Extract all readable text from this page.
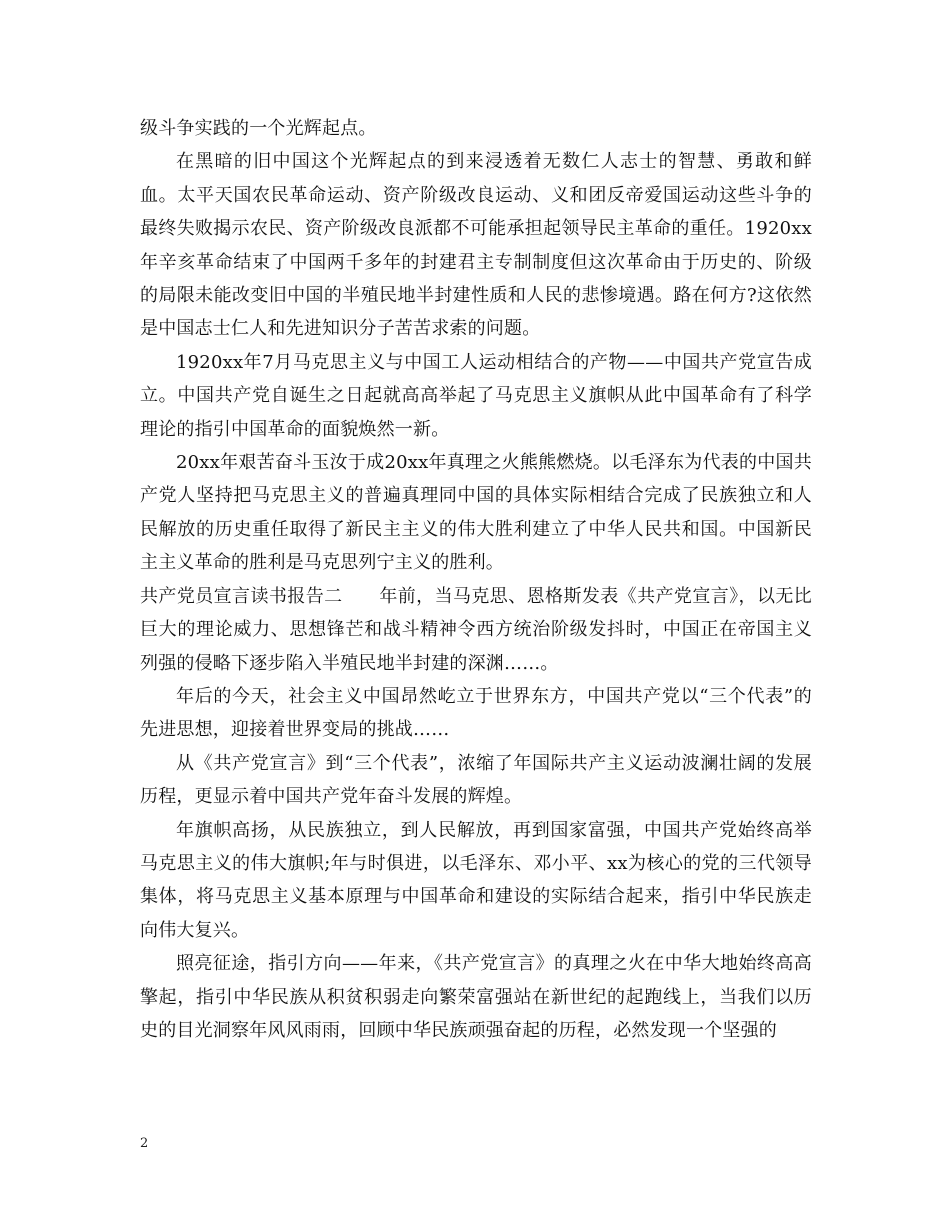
级斗争实践的一个光辉起点。

在黑暗的旧中国这个光辉起点的到来浸透着无数仁人志士的智慧、勇敢和鲜血。太平天国农民革命运动、资产阶级改良运动、义和团反帝爱国运动这些斗争的最终失败揭示农民、资产阶级改良派都不可能承担起领导民主革命的重任。1920xx年辛亥革命结束了中国两千多年的封建君主专制制度但这次革命由于历史的、阶级的局限未能改变旧中国的半殖民地半封建性质和人民的悲惨境遇。路在何方?这依然是中国志士仁人和先进知识分子苦苦求索的问题。

1920xx年7月马克思主义与中国工人运动相结合的产物——中国共产党宣告成立。中国共产党自诞生之日起就高高举起了马克思主义旗帜从此中国革命有了科学理论的指引中国革命的面貌焕然一新。

20xx年艰苦奋斗玉汝于成20xx年真理之火熊熊燃烧。以毛泽东为代表的中国共产党人坚持把马克思主义的普遍真理同中国的具体实际相结合完成了民族独立和人民解放的历史重任取得了新民主主义的伟大胜利建立了中华人民共和国。中国新民主主义革命的胜利是马克思列宁主义的胜利。

共产党员宣言读书报告二　　年前，当马克思、恩格斯发表《共产党宣言》，以无比巨大的理论威力、思想锋芒和战斗精神令西方统治阶级发抖时，中国正在帝国主义列强的侵略下逐步陷入半殖民地半封建的深渊……。

年后的今天，社会主义中国昂然屹立于世界东方，中国共产党以“三个代表”的先进思想，迎接着世界变局的挑战……

从《共产党宣言》到“三个代表”，浓缩了年国际共产主义运动波澜壮阔的发展历程，更显示着中国共产党年奋斗发展的辉煌。

年旗帜高扬，从民族独立，到人民解放，再到国家富强，中国共产党始终高举马克思主义的伟大旗帜;年与时俱进，以毛泽东、邓小平、xx为核心的党的三代领导集体，将马克思主义基本原理与中国革命和建设的实际结合起来，指引中华民族走向伟大复兴。

照亮征途，指引方向——年来，《共产党宣言》的真理之火在中华大地始终高高擎起，指引中华民族从积贫积弱走向繁荣富强站在新世纪的起跑线上，当我们以历史的目光洞察年风风雨雨，回顾中华民族顽强奋起的历程，必然发现一个坚强的

2
